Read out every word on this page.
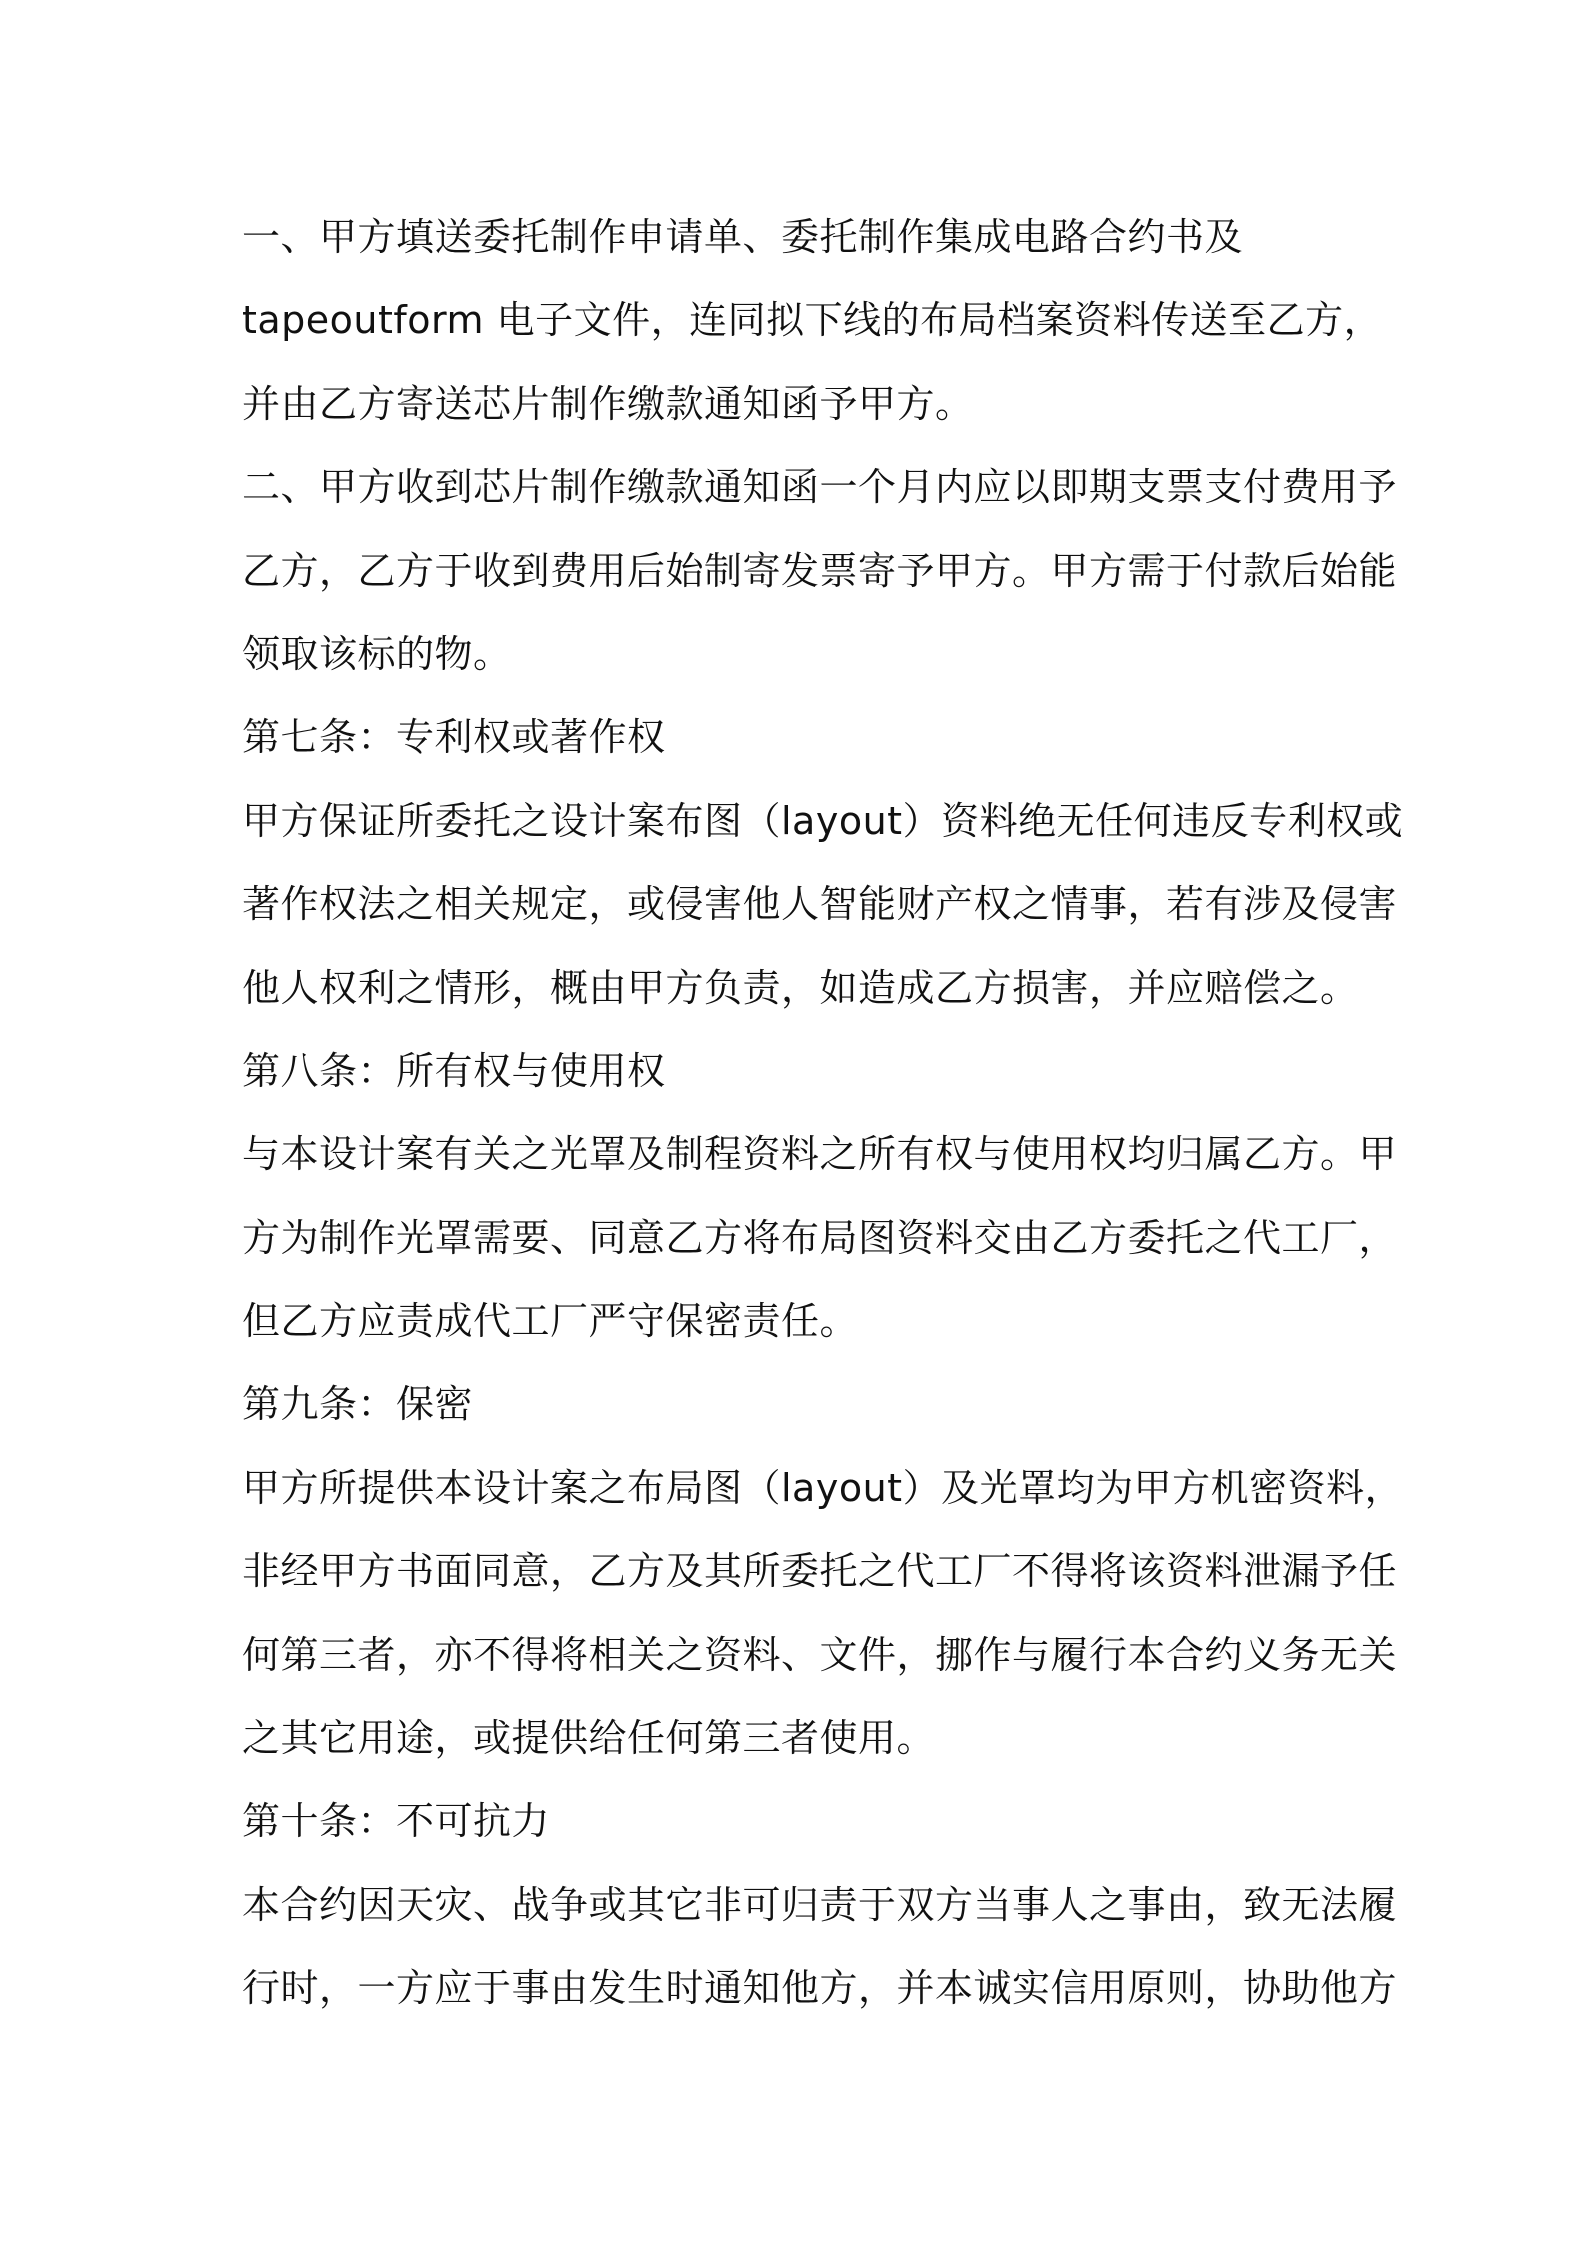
一、甲方填送委托制作申请单、委托制作集成电路合约书及
tapeoutform 电子文件，连同拟下线的布局档案资料传送至乙方，
并由乙方寄送芯片制作缴款通知函予甲方。
二、甲方收到芯片制作缴款通知函一个月内应以即期支票支付费用予
乙方，乙方于收到费用后始制寄发票寄予甲方。甲方需于付款后始能
领取该标的物。
第七条：专利权或著作权
甲方保证所委托之设计案布图（layout）资料绝无任何违反专利权或
著作权法之相关规定，或侵害他人智能财产权之情事，若有涉及侵害
他人权利之情形，概由甲方负责，如造成乙方损害，并应赔偿之。
第八条：所有权与使用权
与本设计案有关之光罩及制程资料之所有权与使用权均归属乙方。甲
方为制作光罩需要、同意乙方将布局图资料交由乙方委托之代工厂，
但乙方应责成代工厂严守保密责任。
第九条：保密
甲方所提供本设计案之布局图（layout）及光罩均为甲方机密资料，
非经甲方书面同意，乙方及其所委托之代工厂不得将该资料泄漏予任
何第三者，亦不得将相关之资料、文件，挪作与履行本合约义务无关
之其它用途，或提供给任何第三者使用。
第十条：不可抗力
本合约因天灾、战争或其它非可归责于双方当事人之事由，致无法履
行时，一方应于事由发生时通知他方，并本诚实信用原则，协助他方
